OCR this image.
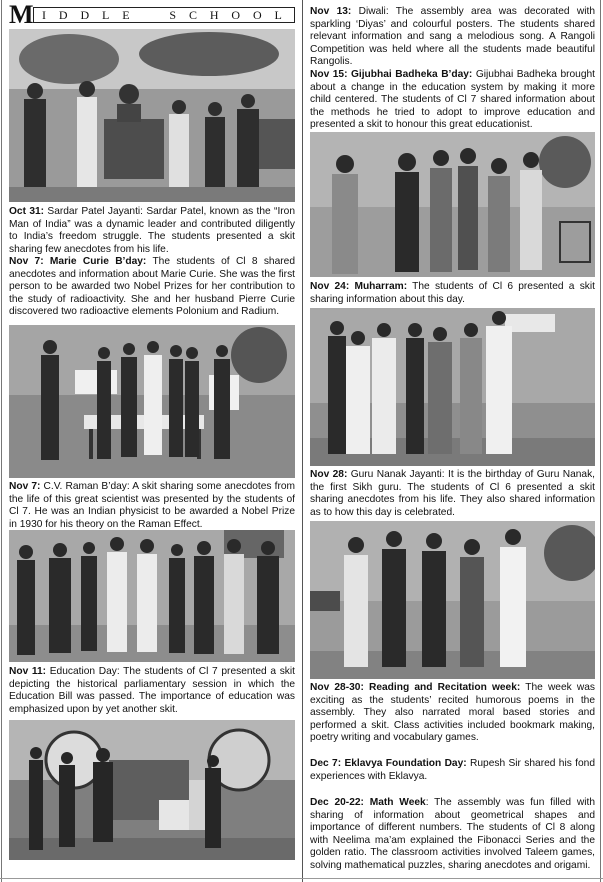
M I D D L E	S C H O O L
Oct 31: Sardar Patel Jayanti: Sardar Patel, known as the “Iron Man of India” was a dynamic leader and contributed diligently to India’s freedom struggle. The students presented a skit sharing few anecdotes from his life.
Nov 7: Marie Curie B’day: The students of Cl 8 shared anecdotes and information about Marie Curie. She was the first person to be awarded two Nobel Prizes for her contribution to the study of radioactivity. She and her husband Pierre Curie discovered two radioactive elements Polonium and Radium.
Nov 7: C.V. Raman B’day: A skit sharing some anecdotes from the life of this great scientist was presented by the students of Cl 7. He was an Indian physicist to be awarded a Nobel Prize in 1930 for his theory on the Raman Effect.
Nov 11: Education Day: The students of Cl 7 presented a skit depicting the historical parliamentary session in which the Education Bill was passed. The importance of education was emphasized upon by yet another skit.
Nov 13: Diwali: The assembly area was decorated with sparkling ‘Diyas’ and colourful posters. The students shared relevant information and sang a melodious song. A Rangoli Competition was held where all the students made beautiful Rangolis.
Nov 15: Gijubhai Badheka B’day: Gijubhai Badheka brought about a change in the education system by making it more child centered. The students of Cl 7 shared information about the methods he tried to adopt to improve education and presented a skit to honour this great educationist.
Nov 24: Muharram: The students of Cl 6 presented a skit sharing information about this day.
Nov 28: Guru Nanak Jayanti: It is the birthday of Guru Nanak, the first Sikh guru. The students of Cl 6 presented a skit sharing anecdotes from his life. They also shared information as to how this day is celebrated.
Nov 28-30: Reading and Recitation week: The week was exciting as the students’ recited humorous poems in the assembly. They also narrated moral based stories and performed a skit. Class activities included bookmark making, poetry writing and vocabulary games.
Dec 7: Eklavya Foundation Day: Rupesh Sir shared his fond experiences with Eklavya.
Dec 20-22: Math Week: The assembly was fun filled with sharing of information about geometrical shapes and importance of different numbers. The students of Cl 8 along with Neelima ma’am explained the Fibonacci Series and the golden ratio. The classroom activities involved Taleem games, solving mathematical puzzles, sharing anecdotes and origami.
